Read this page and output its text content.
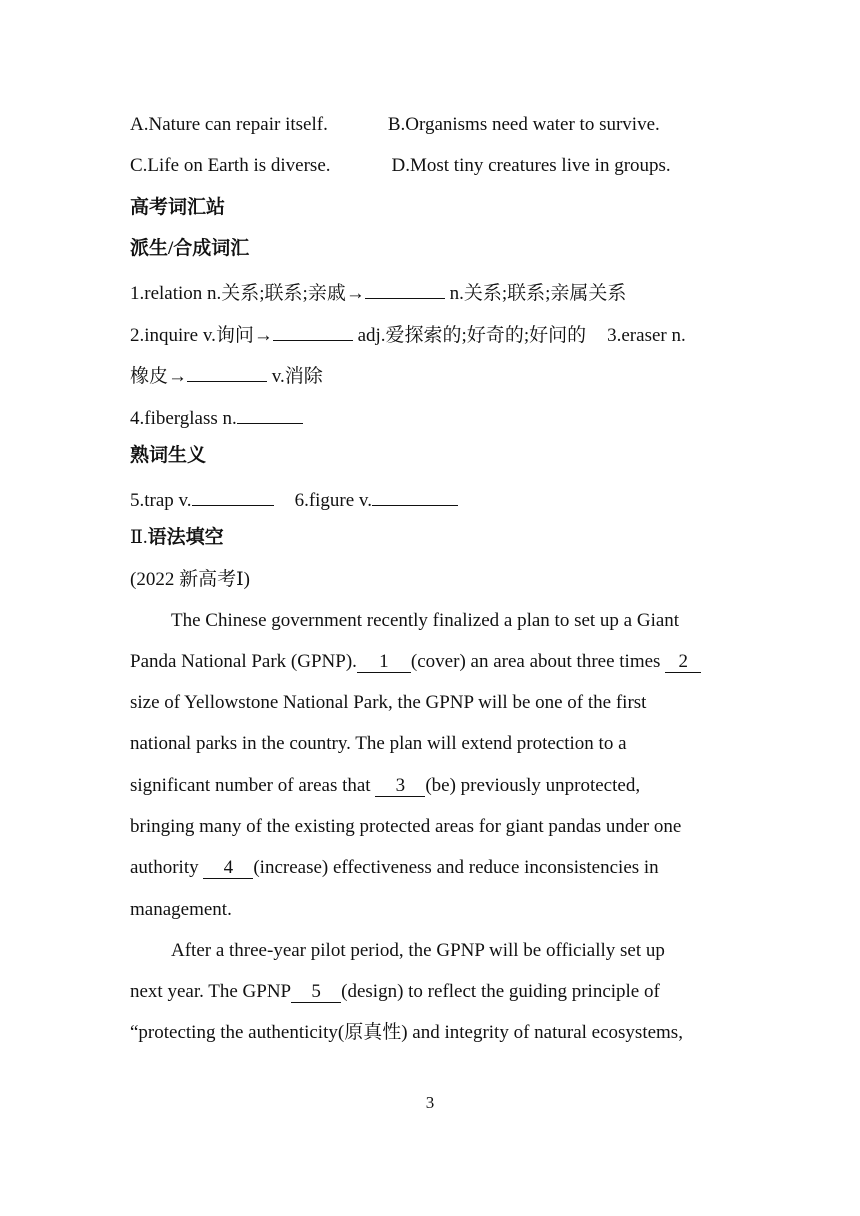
A.Nature can repair itself.	B.Organisms need water to survive.
C.Life on Earth is diverse.	D.Most tiny creatures live in groups.
高考词汇站
派生/合成词汇
1.relation n.关系;联系;亲戚→	n.关系;联系;亲属关系
2.inquire v.询问→	adj.爱探索的;好奇的;好问的 3.eraser n.
橡皮→	v.消除
4.fiberglass n.
熟词生义
5.trap v.	6.figure v.
Ⅱ.语法填空
(2022 新高考Ⅰ)
The Chinese government recently finalized a plan to set up a Giant
Panda National Park (GPNP). 1 (cover) an area about three times 2
size of Yellowstone National Park, the GPNP will be one of the first
national parks in the country. The plan will extend protection to a
significant number of areas that 3 (be) previously unprotected,
bringing many of the existing protected areas for giant pandas under one
authority 4 (increase) effectiveness and reduce inconsistencies in
management.
After a three-year pilot period, the GPNP will be officially set up
next year. The GPNP 5 (design) to reflect the guiding principle of
“protecting the authenticity(原真性) and integrity of natural ecosystems,
3
